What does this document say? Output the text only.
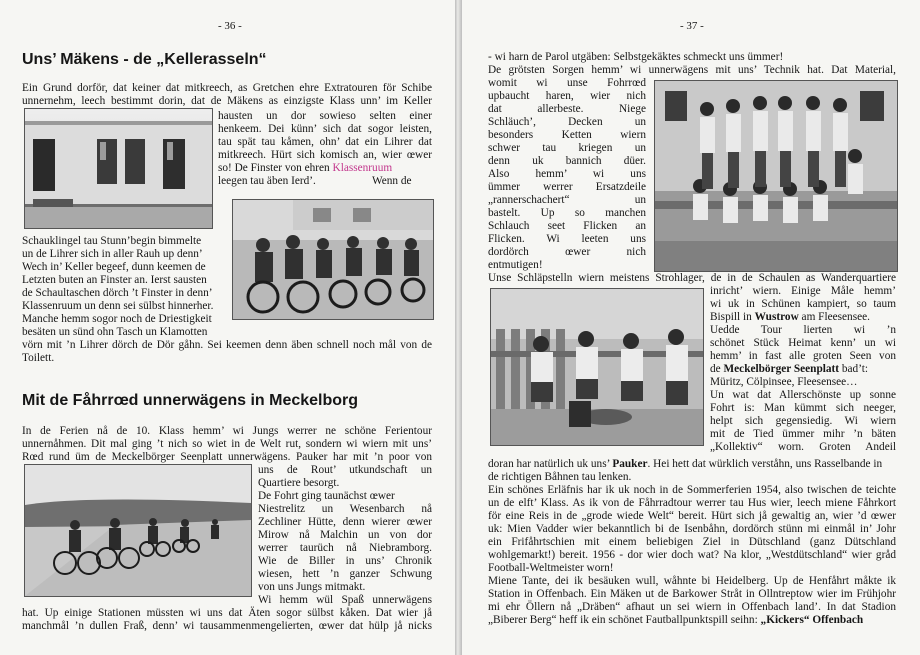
- 36 -
Uns’ Mäkens - de „Kellerasseln“
Ein Grund dorför, dat keiner dat mitkreech, as Gretchen ehre Extratouren för Schibe
unnernehm, leech bestimmt dorin, dat de Mäkens as einzigste Klass unn’ im Keller
hausten un dor sowieso selten einer
henkeem. Dei künn’ sich dat sogor leisten,
tau spät tau kåmen, ohn’ dat ein Lihrer dat
mitkreech. Hürt sich komisch an, wier œwer
so! De Finster von ehren Klassenruum
leegen tau äben Ierd’.	Wenn de
Schauklingel tau Stunn’begin bimmelte
un de Lihrer sich in aller Rauh up denn’
Wech in’ Keller begeef, dunn keemen de
Letzten buten an Finster an. Ierst sausten
de Schaultaschen dörch ’t Finster in denn’
Klassenruum un denn sei sülbst hinnerher.
Manche hemm sogor noch de Driestigkeit
besäten un sünd ohn Tasch un Klamotten
vörn mit ’n Lihrer dörch de Dör gåhn. Sei keemen denn äben schnell noch mål von de
Toilett.
Mit de Fåhrrœd unnerwägens in Meckelborg
In de Ferien nå de 10. Klass hemm’ wi Jungs werrer ne schöne Ferientour
unnernåhmen. Dit mal ging ’t nich so wiet in de Welt rut, sondern wi wiern mit uns’
Rœd rund üm de Meckelbörger Seenplatt unnerwägens. Pauker har mit ’n poor von
uns de Rout’ utkundschaft un
Quartiere besorgt.
De Fohrt ging taunächst œwer
Niestrelitz un Wesenbarch nå
Zechliner Hütte, denn wierer œwer
Mirow nå Malchin un von dor
werrer taurüch nå Niebramborg.
Wie de Biller in uns’ Chronik
wiesen, hett ’n ganzer Schwung
von uns Jungs mitmakt.
Wi hemm wül Spaß unnerwägens
hat. Up einige Stationen müssten wi uns dat Äten sogor sülbst kåken. Dat wier jå
manchmål ’n dullen Fraß, denn’ wi tausammenmengelierten, œwer dat hülp jå nicks
- 37 -
- wi harn de Parol utgäben: Selbstgekäktes schmeckt uns ümmer!
De grötsten Sorgen hemm’ wi unnerwägens mit uns’ Technik hat. Dat Material,
womit wi unse Fohrrœd
upbaucht haren, wier nich
dat allerbeste. Niege
Schläuch’, Decken un
besonders Ketten wiern
schwer tau kriegen un
denn uk bannich düer.
Also hemm’ wi uns
ümmer werrer Ersatzdeile
„rannerschachert“ un
bastelt. Up so manchen
Schlauch seet Flicken an
Flicken. Wi leeten uns
dordörch œwer nich
entmutigen!
Unse Schläpstelln wiern meistens Strohlager, de in de Schaulen as Wanderquartiere
inricht’ wiern. Einige Måle hemm’
wi uk in Schünen kampiert, so taum
Bispill in Wustrow am Fleesensee.
Uedde Tour lierten wi ’n
schönet Stück Heimat kenn’ un wi
hemm’ in fast alle groten Seen von
de Meckelbörger Seenplatt bad’t:
Müritz, Cölpinsee, Fleesensee…
Un wat dat Allerschönste up sonne
Fohrt is: Man kümmt sich neeger,
helpt sich gegensiedig. Wi wiern
mit de Tied ümmer mihr ’n bäten
„Kollektiv“ worn. Groten Andeil
doran har natürlich uk uns’ Pauker. Hei hett dat würklich verståhn, uns Rasselbande in
de richtigen Båhnen tau lenken.
Ein schönes Erläfnis har ik uk noch in de Sommerferien 1954, also twischen de teichte
un de elft’ Klass. As ik von de Fåhrradtour werrer tau Hus wier, leech miene Fåhrkort
för eine Reis in de „grode wiede Welt“ bereit. Hürt sich jå gewaltig an, wier ’d œwer
uk: Mien Vadder wier bekanntlich bi de Isenbåhn, dordörch stünn mi einmål in’ Johr
ein Frifåhrtschien mit einem beliebigen Ziel in Dütschland (ganz Dütschland
wohlgemarkt!) bereit. 1956 - dor wier doch wat? Na klor, „Westdütschland“ wier gråd
Football-Weltmeister worn!
Miene Tante, dei ik besäuken wull, wåhnte bi Heidelberg. Up de Henfåhrt måkte ik
Station in Offenbach. Ein Mäken ut de Barkower Stråt in Ollntreptow wier im Frühjohr
mi ehr Öllern nå „Dräben“ afhaut un sei wiern in Offenbach land’. In dat Stadion
„Biberer Berg“ heff ik ein schönet Fautballpunktspill seihn: „Kickers“ Offenbach
